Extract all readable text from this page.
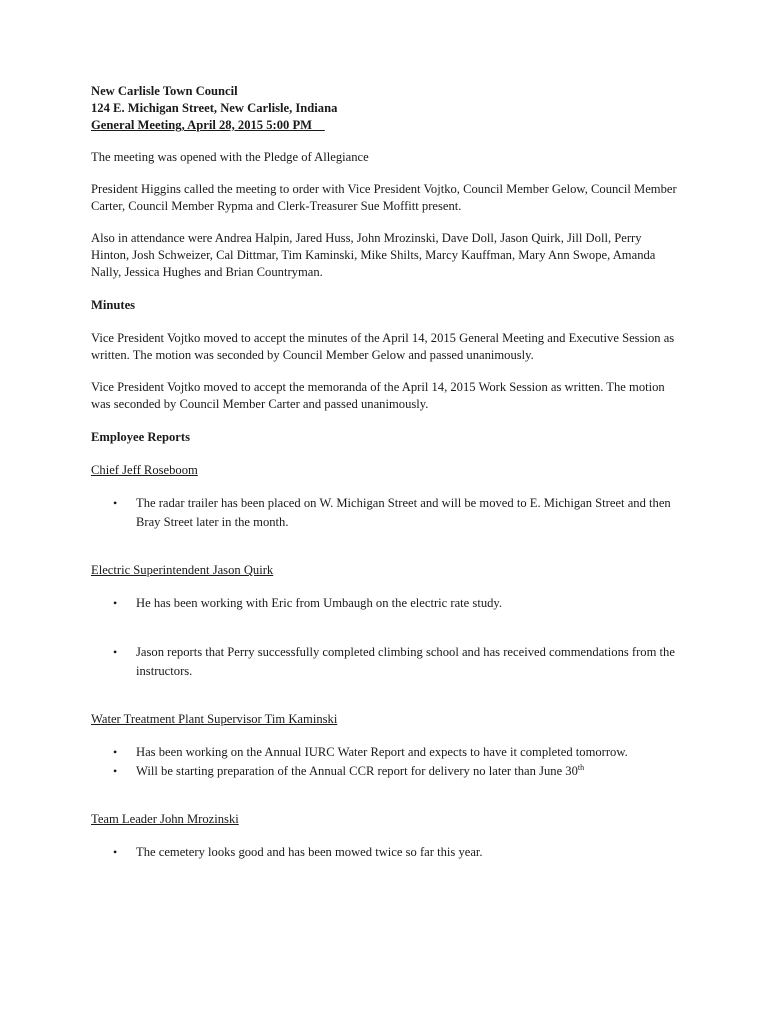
New Carlisle Town Council

124 E. Michigan Street, New Carlisle, Indiana

General Meeting, April 28, 2015 5:00 PM__

The meeting was opened with the Pledge of Allegiance

President Higgins called the meeting to order with Vice President Vojtko, Council Member Gelow, Council Member Carter, Council Member Rypma and Clerk-Treasurer Sue Moffitt present.

Also in attendance were Andrea Halpin, Jared Huss, John Mrozinski, Dave Doll, Jason Quirk, Jill Doll, Perry Hinton, Josh Schweizer, Cal Dittmar, Tim Kaminski, Mike Shilts, Marcy Kauffman, Mary Ann Swope, Amanda Nally, Jessica Hughes and Brian Countryman.

Minutes

Vice President Vojtko moved to accept the minutes of the April 14, 2015 General Meeting and Executive Session as written. The motion was seconded by Council Member Gelow and passed unanimously.

Vice President Vojtko moved to accept the memoranda of the April 14, 2015 Work Session as written. The motion was seconded by Council Member Carter and passed unanimously.

Employee Reports

Chief Jeff Roseboom

• The radar trailer has been placed on W. Michigan Street and will be moved to E. Michigan Street and then Bray Street later in the month.

Electric Superintendent Jason Quirk

• He has been working with Eric from Umbaugh on the electric rate study.
• Jason reports that Perry successfully completed climbing school and has received commendations from the instructors.

Water Treatment Plant Supervisor Tim Kaminski

• Has been working on the Annual IURC Water Report and expects to have it completed tomorrow.
• Will be starting preparation of the Annual CCR report for delivery no later than June 30th

Team Leader John Mrozinski

• The cemetery looks good and has been mowed twice so far this year.
